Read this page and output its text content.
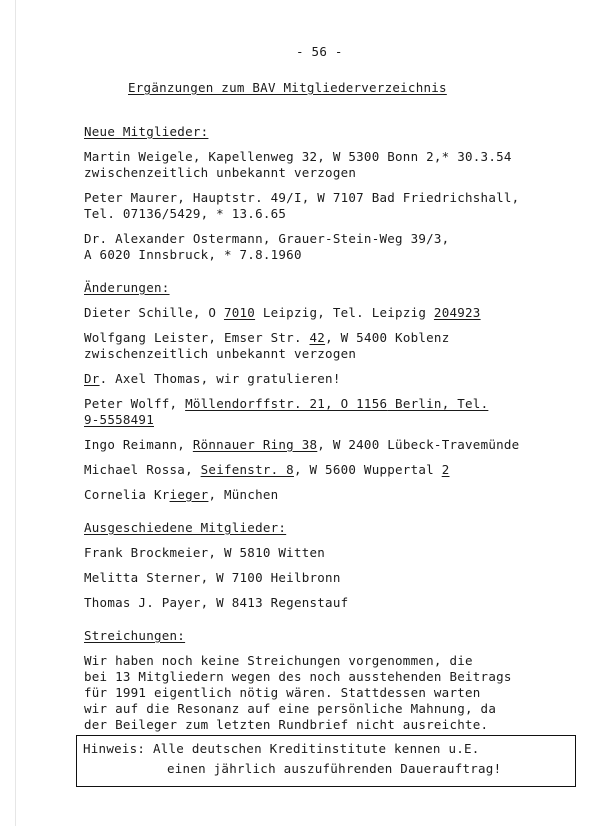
- 56 -
Ergänzungen zum BAV Mitgliederverzeichnis
Neue Mitglieder:
Martin Weigele, Kapellenweg 32, W 5300 Bonn 2,* 30.3.54
zwischenzeitlich unbekannt verzogen
Peter Maurer, Hauptstr. 49/I, W 7107 Bad Friedrichshall,
Tel. 07136/5429, * 13.6.65
Dr. Alexander Ostermann, Grauer-Stein-Weg 39/3,
A 6020 Innsbruck, * 7.8.1960
Änderungen:
Dieter Schille, O 7010 Leipzig, Tel. Leipzig 204923
Wolfgang Leister, Emser Str. 42, W 5400 Koblenz
zwischenzeitlich unbekannt verzogen
Dr. Axel Thomas, wir gratulieren!
Peter Wolff, Möllendorffstr. 21, O 1156 Berlin, Tel.
9-5558491
Ingo Reimann, Rönnauer Ring 38, W 2400 Lübeck-Travemünde
Michael Rossa, Seifenstr. 8, W 5600 Wuppertal 2
Cornelia Krieger, München
Ausgeschiedene Mitglieder:
Frank Brockmeier, W 5810 Witten
Melitta Sterner, W 7100 Heilbronn
Thomas J. Payer, W 8413 Regenstauf
Streichungen:
Wir haben noch keine Streichungen vorgenommen, die
bei 13 Mitgliedern wegen des noch ausstehenden Beitrags
für 1991 eigentlich nötig wären. Stattdessen warten
wir auf die Resonanz auf eine persönliche Mahnung, da
der Beileger zum letzten Rundbrief nicht ausreichte.
Hinweis: Alle deutschen Kreditinstitute kennen u.E.
einen jährlich auszuführenden Dauerauftrag!
